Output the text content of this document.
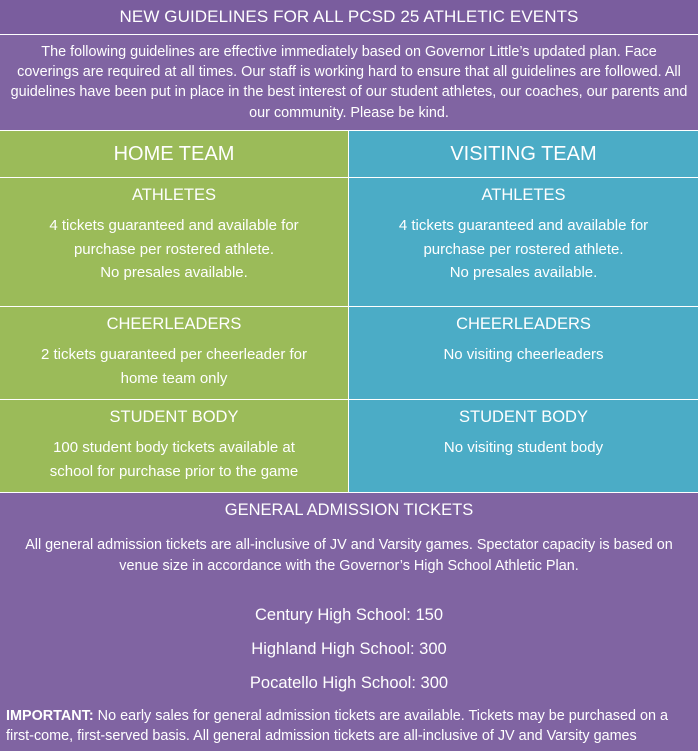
NEW GUIDELINES FOR ALL PCSD 25 ATHLETIC EVENTS
The following guidelines are effective immediately based on Governor Little’s updated plan. Face coverings are required at all times. Our staff is working hard to ensure that all guidelines are followed. All guidelines have been put in place in the best interest of our student athletes, our coaches, our parents and our community. Please be kind.
HOME TEAM
ATHLETES
4 tickets guaranteed and available for
purchase per rostered athlete.
No presales available.
CHEERLEADERS
2 tickets guaranteed per cheerleader for
home team only
STUDENT BODY
100 student body tickets available at
school for purchase prior to the game
VISITING TEAM
ATHLETES
4 tickets guaranteed and available for
purchase per rostered athlete.
No presales available.
CHEERLEADERS
No visiting cheerleaders
STUDENT BODY
No visiting student body
GENERAL ADMISSION TICKETS
All general admission tickets are all-inclusive of JV and Varsity games. Spectator capacity is based on venue size in accordance with the Governor’s High School Athletic Plan.
Century High School: 150
Highland High School: 300
Pocatello High School: 300
IMPORTANT: No early sales for general admission tickets are available. Tickets may be purchased on a first-come, first-served basis. All general admission tickets are all-inclusive of JV and Varsity games
